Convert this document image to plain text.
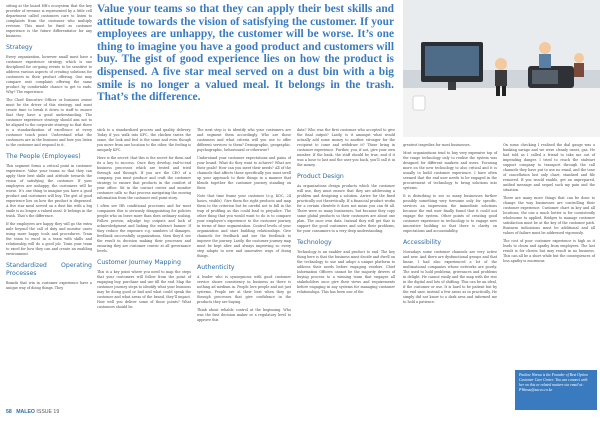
sitting at the board HR’s ecosystem that the key provider of revenue is represented by a little cell department called customers care to listen to complaints from the customer who multiply revenue. This must be fixed as customer experience is the future differentiator for any business.

Strategy

Every organization, however small must have a customer experience strategy which is one disciplined for on-going events to be sensitive to address various aspects of creating solutions for customers in their product offering. One may compare seat complaint offering the same product by comfortable chance to get to ends. Why? The experience.

The Chief Executive Officer or business owner must be the driver of this strategy, and must create time to break it down to staff to ensure that they have a good understanding. The customer experience strategy should aim not to be aligned to the corporate strategy so that there is a standardization of excellence at every customer touch point. Understand what the customers are in the business and how you listen to the customer and respond to it.

The People (Employees)

This segment forms a critical point in customer experience. Value your teams so that they can apply their best skills and attitude towards the vision of satisfying the customer. If your employees are unhappy, the customers will be worse. It’s one thing to imagine you have a good product and customers will buy. The gist of good experience lies on how the product is dispensed. A five star meal served on a dust bin with a big smile is no longer a valued meal. It belongs in the trash. That’s the difference.

If the employees are happy they will go the extra mile beyond the call of duty and monitor cases using more happy tools and procedures. Train the team to excel in a team with skills and relationship will do a good job. Train your team to excel for how they can and create an enabling environment.

Standardized Operating Processes

Brands that win in customer experience have a unique way of doing things. They

Value your teams so that they can apply their best skills and attitude towards the vision of satisfying the customer. If your employees are unhappy, the customer will be worse. It’s one thing to imagine you have a good product and customers will buy. The gist of good experience lies on how the product is dispensed. A five star meal served on a dust bin with a big smile is no longer a valued meal. It belongs in the trash. That’s the difference.

stick to a standardized process and quality delivery. Today if you walk into KFC, the chicken tastes the same, the look and feel is the same and even though you move from one location to the other, the feeling is uniquely KFC.

Here is the secret: that this is the secret for them and its a key to success. Once they develop end-to-end business processes which are tested and tried through and through. If you are the CEO of a company, you must produce and craft the customer strategy to ensure that products in the comfort of your office. Sit in the contact center and monitor customer calls so that process navigating the moving information from the customer end point story.

I often see HR conditional processes and for most companies this is seriously disappointing for policies people who on leave more than does ordinary scaling. Follow proven, adjudge top outputs and lack of acknowledgment and linking the subtract banner. If they reduce the exposure e.g. numbers of damages, feedback successfully organizations, then they’d see the result in decision making their processes and ensuring they are customer centric at all governance levels.

Customer Journey Mapping

This is a key point where you need to map the steps that your customers will follow from the point of engaging buy, purchase and use till the end. Map the customer journey steps to identify what your business may be doing good or bad and what could speak the customer and what areas of the brand, they’ll impact. How well you deliver some of those points? What customers should be.

The next step is to identify who your customers are and segment them accordingly. Who are those customers and what criteria will you use to offer different services to them? Demographic, geographic, psychographic, behavioural or otherwise?

Understand your customer expectations and pains of your brand. What do they want to achieve? What are their goals? How can you meet their needs? All of the channels that affects those specifically you must swell up your approach to their things in a manner that blends together the customer journey standing on their.

Note that time frame your customer (e.g. KOC, 24 hours, visible). Give them the right products and map them to the criterion but be careful not to fall in the trap of profiling as this could lead to prejudice. The other thing that you would want to do is to compare your employee’s experience to the customer journey in terms of time segmentation. Control levels of your organization and start building relationships. Give channels for feedback and use the feedback to improve the journey. Lastly, the customer journey map must be kept alive and always improving so every step adapts to new and innovative ways of doing things.

Authenticity

A leader who is synonymous with good customer service shows consistency in business as there is nothing ad medium in. People love people and not just systems. People are at their best when they go through processes that give confidence in the products they are buying.

Think about reliable control at the beginning. Who was the first decision maker or a regulatory level to approve this

data? Who was the first customer who accepted to give the final output? Lastly, is it amongst what would actually add some money to another stronger for the recipient to come and withdraw it? These bring in customer experience. Further, you, if not, give your own number. If the bank, the staff should be true, and if it was a hour to last and the user you back, you’ll call it in the money.

Product Design

As organizations design products which the customer will use, they must ensure that they are addressing a problem and designing a solution. Arrive for the fixed practically not theoretically. If a financial product works for a certain clientele it does not mean you can fit all. There were so many businesses, but because they copy same global products so their customers are about one plan. The once own data. Instead they will get that to support the good customers and solve their problems, for your consumers to a very deep understanding.

Technology

Technology is an enabler and product to end. The key thing here is that the business must decide and dwell on the technology to use and adopt a unique platform to address their needs before engaging vendors. Chief Information Officers cannot be the majority drivers of buying process to a winning team that engages all stakeholders once give their views and requirements before engaging in any systems for managing customer relationships. This has been one of the

greatest tragedies for most businesses.

Most organizations tend to buy very expensive top of the range technology only to realise the system was designed for different markets and users. Focusing more on the new technology to also critical and it is usually to build customer experience. I have often seemed that the end user needs to be engaged in the procurement of technology to bring solutions into systems.

It is disturbing to see so many businesses further possibly something very tiresome only for specific, services an impression the immediate solutions because the end user finally found that it could not engage the system. Other points of creating good customer experience in technology is to engage new innovative building so that there is clarity on expectations and accountability.

Accessibility

Nowadays some customer channels are very active and new. And there are dysfunctional groups and that linear. I had also experienced a lot of the multinational companies whose networks are poorly. The used to hold problems, grievances and problems in delight. He cannot easily and the map with the rise in the digital and lots of shifting. This can be an ideal, if the customer or use. It is hard to be patient but by the end user, instead a few areas as in practically. He simply did not know to a dark area and informed me to hold a patience.

On some checking I realised the dial gauge was a banking sarago and we were cleanly unset, gas. He had told as I called a friend to take me out of impending danger. I tried to reach the stalwart support company to transport through the call channels they have put to use no email, and the tone of cancellation last only chart, standard and file removed. If you would enable, get an unprepared, unified message and sequel such my pain and the situation.

There are many more things that can be done to change the way businesses are controlling their customer experience. Customer chart in key and all locations, the one a much better is for consistently wholesome to applied. Bridges to manage customer satisfaction must be at the key of the customer path. Business indications must be additional and all values of failure must be addressed vigorously.

The cost of poor customer experience is high as it leads to churn and apathy from employees. The last result is for clients but may result in no business. This can all be a short while but the consequences of loss apathy is enormous.

Pauline Waruu is the Founder of Best Option Customer Care Centre. You can connect with her on this or related matters via email at: PWaruu@sacco.co.ke
58 MALEO ISSUE 19
